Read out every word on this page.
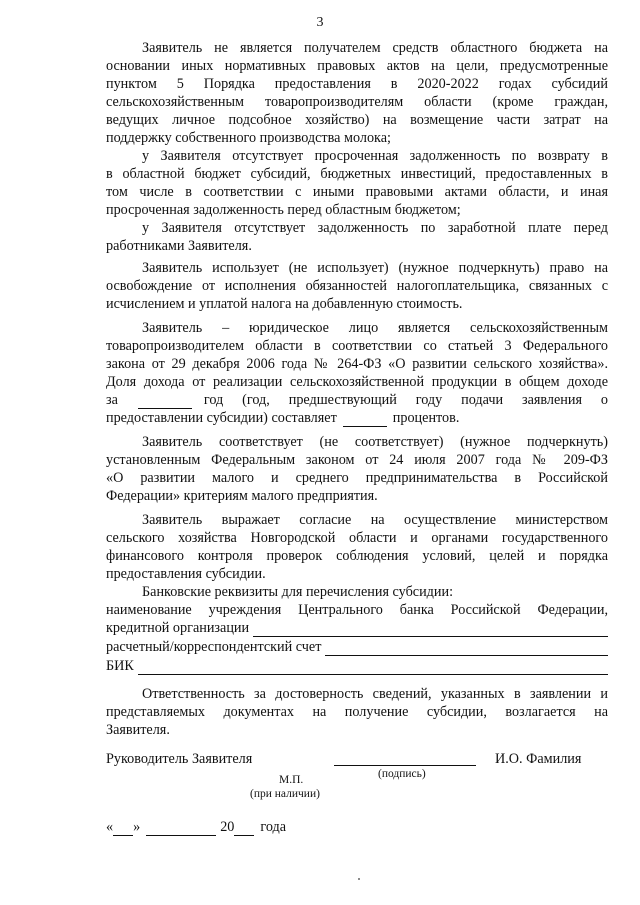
3
Заявитель не является получателем средств областного бюджета на
основании иных нормативных правовых актов на цели, предусмотренные
пунктом 5 Порядка предоставления в 2020-2022 годах субсидий
сельскохозяйственным товаропроизводителям области (кроме граждан,
ведущих личное подсобное хозяйство) на возмещение части затрат на
поддержку собственного производства молока;
у Заявителя отсутствует просроченная задолженность по возврату в
в областной бюджет субсидий, бюджетных инвестиций, предоставленных в
том числе в соответствии с иными правовыми актами области, и иная
просроченная задолженность перед областным бюджетом;
у Заявителя отсутствует задолженность по заработной плате перед
работниками Заявителя.
Заявитель использует (не использует) (нужное подчеркнуть) право на
освобождение от исполнения обязанностей налогоплательщика, связанных с
исчислением и уплатой налога на добавленную стоимость.
Заявитель – юридическое лицо является сельскохозяйственным
товаропроизводителем области в соответствии со статьей 3 Федерального
закона от 29 декабря 2006 года № 264-ФЗ «О развитии сельского хозяйства».
Доля дохода от реализации сельскохозяйственной продукции в общем доходе
за	год (год, предшествующий году подачи заявления о
предоставлении субсидии) составляет	процентов.
Заявитель соответствует (не соответствует) (нужное подчеркнуть)
установленным Федеральным законом от 24 июля 2007 года № 209-ФЗ
«О развитии малого и среднего предпринимательства в Российской
Федерации» критериям малого предприятия.
Заявитель выражает согласие на осуществление министерством
сельского хозяйства Новгородской области и органами государственного
финансового контроля проверок соблюдения условий, целей и порядка
предоставления субсидии.
Банковские реквизиты для перечисления субсидии:
наименование учреждения Центрального банка Российской Федерации,
кредитной организации
расчетный/корреспондентский счет
БИК
Ответственность за достоверность сведений, указанных в заявлении и
представляемых документах на получение субсидии, возлагается на
Заявителя.
Руководитель Заявителя	И.О. Фамилия
(подпись)
М.П.
(при наличии)
« »	20 года
